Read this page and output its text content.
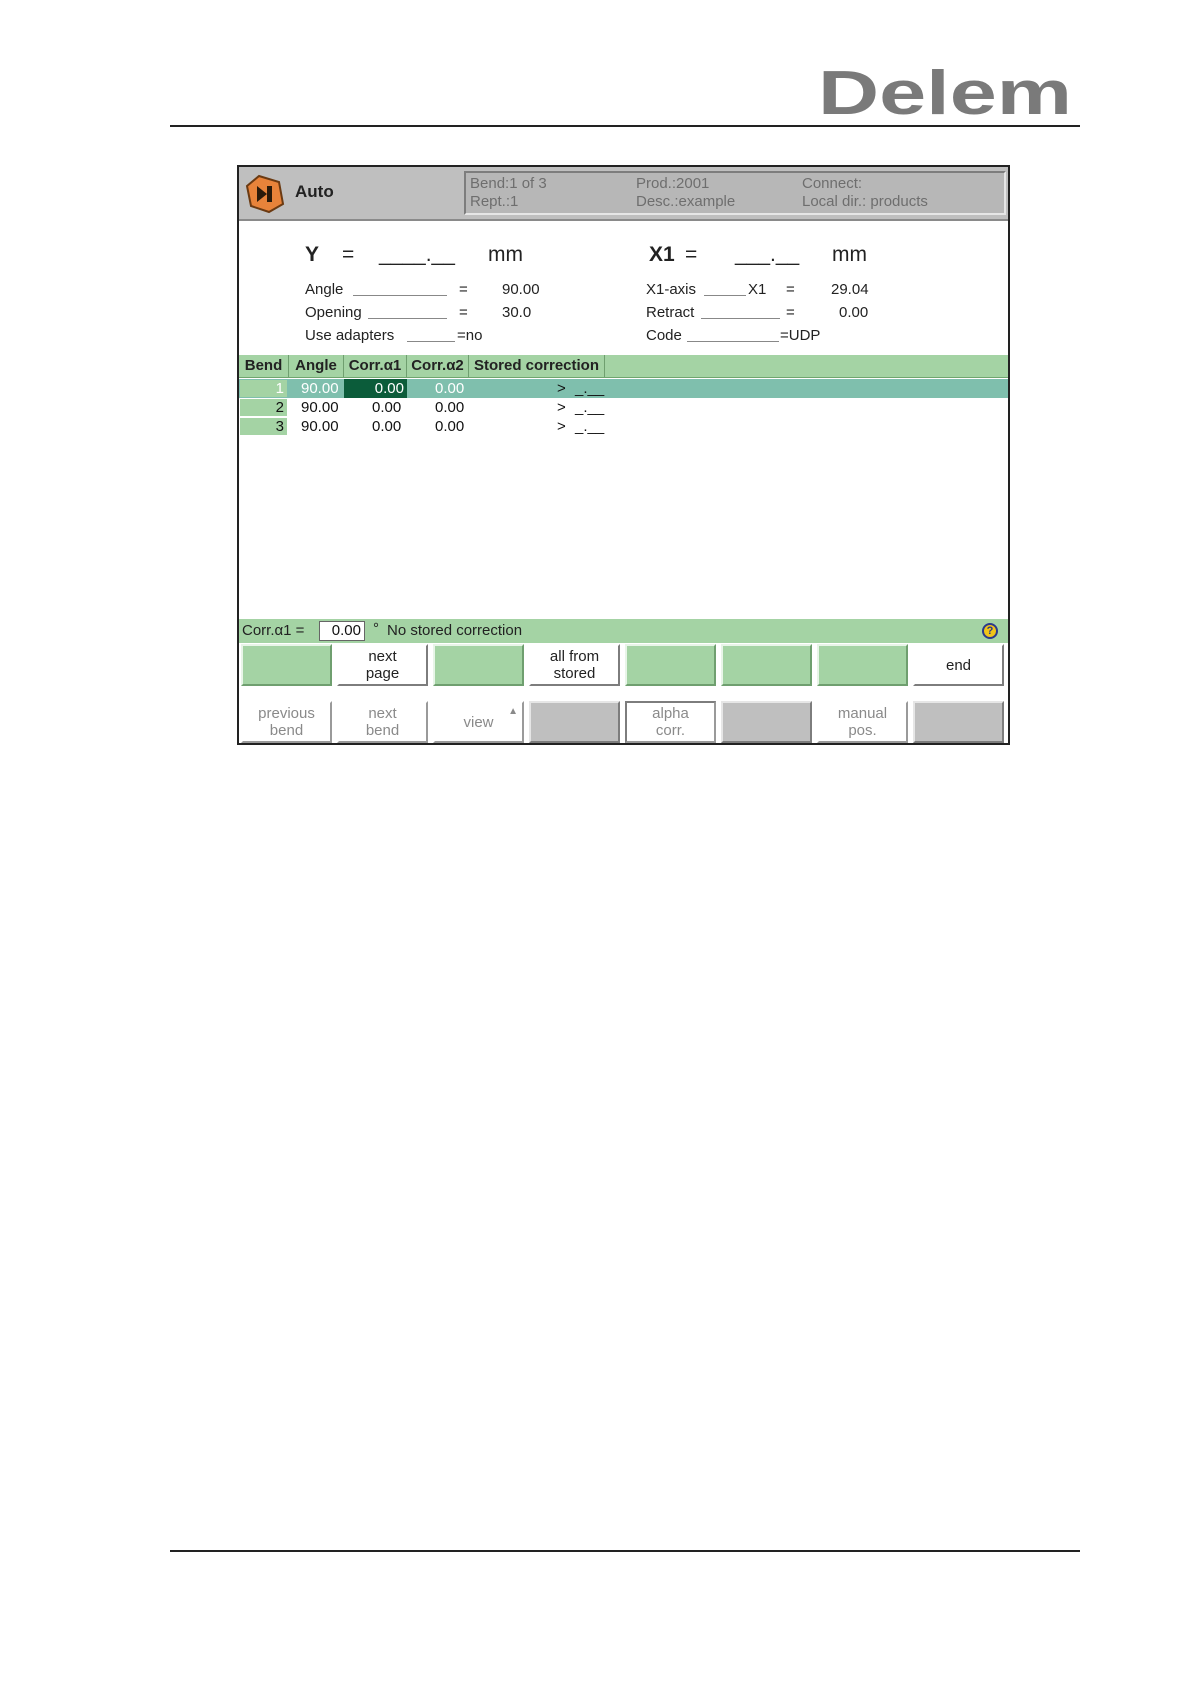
Delem
Auto	Bend:1 of 3
Rept.:1
Prod.:2001
Desc.:example
Connect:
Local dir.: products
Y = ____.__ mm	X1 = ___.__ mm
Angle	= 90.00
Opening	= 30.0
Use adapters	=no
X1-axis	X1 = 29.04
Retract	=	0.00
Code	=UDP
Bend Angle Corr.α1 Corr.α2 Stored correction
1 90.00	0.00 0.00	> _.__
2 90.00 0.00 0.00	> _.__
3 90.00 0.00 0.00	> _.__
Corr.α1 =	0.00 ° No stored correction	?
next
page
all from
stored	end
previous
bend
next
bend	view
▲	alpha
corr.
manual
pos.
